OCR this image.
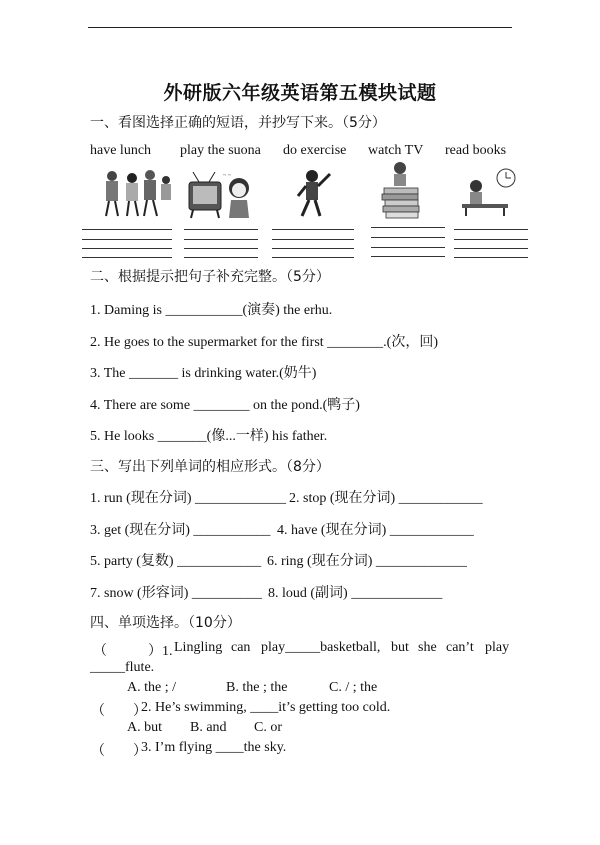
外研版六年级英语第五模块试题
一、看图选择正确的短语，并抄写下来。（5分）
have lunch play the suona do exercise watch TV read books
~ ~
二、根据提示把句子补充完整。（5分）
1. Daming is ___________(演奏) the erhu.
2. He goes to the supermarket for the first ________.(次，回)
3. The _______ is drinking water.(奶牛)
4. There are some ________ on the pond.(鸭子)
5. He looks _______(像...一样) his father.
三、写出下列单词的相应形式。（8分）
1. run (现在分词) _____________ 2. stop (现在分词) ____________
3. get (现在分词) ___________ 4. have (现在分词) ____________
5. party (复数) ____________ 6. ring (现在分词) _____________
7. snow (形容词) __________ 8. loud (副词) _____________
四、单项选择。（10分）
（	）1. Lingling can play_____basketball, but she can’t play
_____flute.
A. the ; /	B. the ; the	C. / ; the
（　　）
2. He’s swimming, ____it’s getting too cold.
A. but B. and C. or
（　　）
3. I’m flying ____the sky.
